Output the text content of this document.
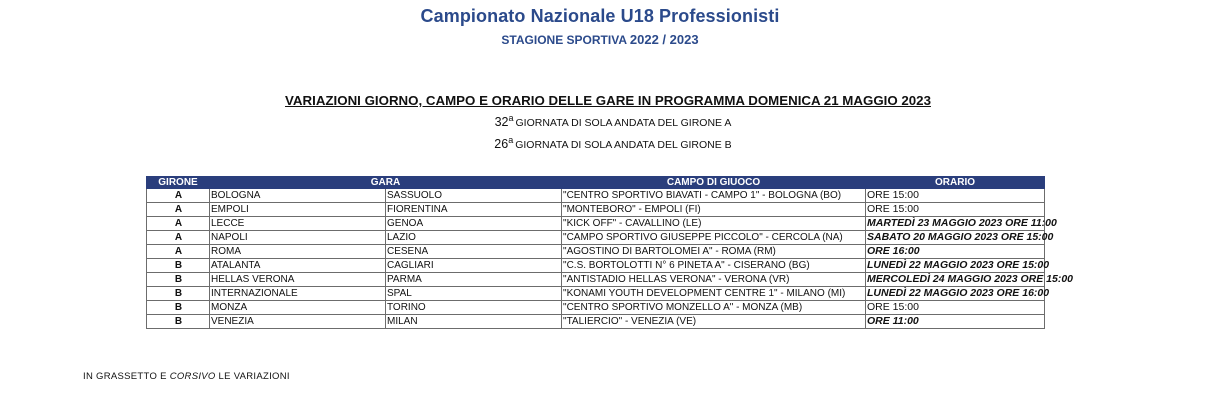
Campionato Nazionale U18 Professionisti
STAGIONE SPORTIVA 2022 / 2023
VARIAZIONI GIORNO, CAMPO E ORARIO DELLE GARE IN PROGRAMMA DOMENICA 21 MAGGIO 2023
32$^a$ GIORNATA DI SOLA ANDATA DEL GIRONE A
26$^a$ GIORNATA DI SOLA ANDATA DEL GIRONE B
GIRONE	GARA		CAMPO DI GIUOCO	ORARIO
A	BOLOGNA	SASSUOLO	"CENTRO SPORTIVO BIAVATI - CAMPO 1" - BOLOGNA (BO)	ORE 15:00
A	EMPOLI	FIORENTINA	"MONTEBORO" - EMPOLI (FI)	ORE 15:00
A	LECCE	GENOA	"KICK OFF" - CAVALLINO (LE)	MARTEDÌ 23 MAGGIO 2023 ORE 11:00
A	NAPOLI	LAZIO	"CAMPO SPORTIVO GIUSEPPE PICCOLO" - CERCOLA (NA)	SABATO 20 MAGGIO 2023 ORE 15:00
A	ROMA	CESENA	"AGOSTINO DI BARTOLOMEI A" - ROMA (RM)	ORE 16:00
B	ATALANTA	CAGLIARI	"C.S. BORTOLOTTI N° 6 PINETA A" - CISERANO (BG)	LUNEDÌ 22 MAGGIO 2023 ORE 15:00
B	HELLAS VERONA	PARMA	"ANTISTADIO HELLAS VERONA" - VERONA (VR)	MERCOLEDÌ 24 MAGGIO 2023 ORE 15:00
B	INTERNAZIONALE	SPAL	"KONAMI YOUTH DEVELOPMENT CENTRE 1" - MILANO (MI)	LUNEDÌ 22 MAGGIO 2023 ORE 16:00
B	MONZA	TORINO	"CENTRO SPORTIVO MONZELLO A" - MONZA (MB)	ORE 15:00
B	VENEZIA	MILAN	"TALIERCIO" - VENEZIA (VE)	ORE 11:00
IN GRASSETTO E CORSIVO LE VARIAZIONI
